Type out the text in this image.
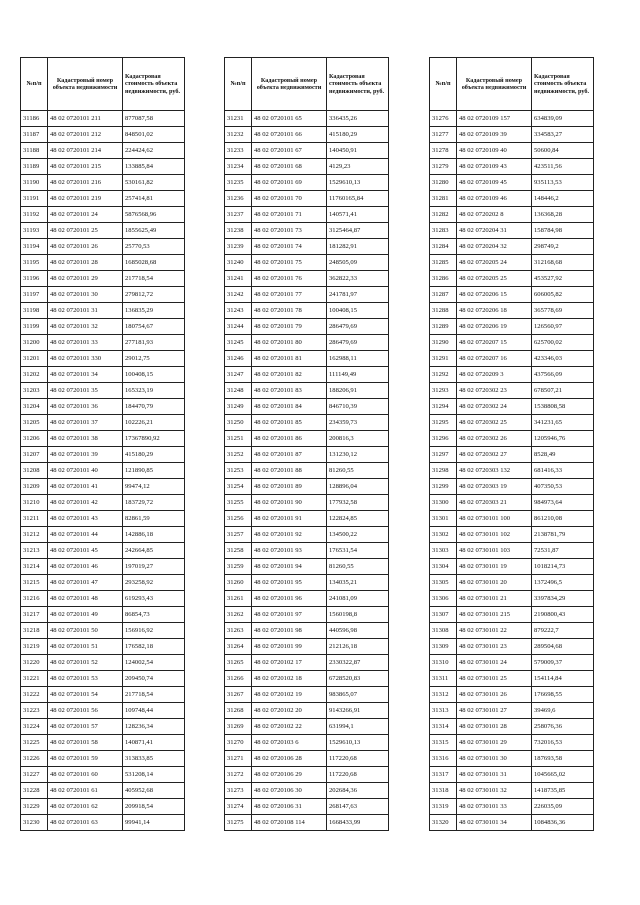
№п/п	Кадастровый номер объекта недвижимости	Кадастровая стоимость объекта недвижимости, руб.
31186	48 02 0720101 211	877087,58
31187	48 02 0720101 212	848501,02
31188	48 02 0720101 214	224424,62
31189	48 02 0720101 215	133885,84
31190	48 02 0720101 216	530161,82
31191	48 02 0720101 219	257414,81
31192	48 02 0720101 24	5876568,96
31193	48 02 0720101 25	1855625,49
31194	48 02 0720101 26	25770,53
31195	48 02 0720101 28	1685028,68
31196	48 02 0720101 29	217718,54
31197	48 02 0720101 30	279812,72
31198	48 02 0720101 31	136835,29
31199	48 02 0720101 32	180754,67
31200	48 02 0720101 33	277181,93
31201	48 02 0720101 330	29012,75
31202	48 02 0720101 34	100408,15
31203	48 02 0720101 35	165323,19
31204	48 02 0720101 36	184470,79
31205	48 02 0720101 37	102226,21
31206	48 02 0720101 38	17367890,92
31207	48 02 0720101 39	415180,29
31208	48 02 0720101 40	121890,85
31209	48 02 0720101 41	99474,12
31210	48 02 0720101 42	183729,72
31211	48 02 0720101 43	82861,59
31212	48 02 0720101 44	142886,18
31213	48 02 0720101 45	242664,85
31214	48 02 0720101 46	197019,27
31215	48 02 0720101 47	293258,92
31216	48 02 0720101 48	619293,43
31217	48 02 0720101 49	86854,73
31218	48 02 0720101 50	156916,92
31219	48 02 0720101 51	176582,18
31220	48 02 0720101 52	124002,54
31221	48 02 0720101 53	209450,74
31222	48 02 0720101 54	217718,54
31223	48 02 0720101 56	109748,44
31224	48 02 0720101 57	128236,34
31225	48 02 0720101 58	140871,41
31226	48 02 0720101 59	313833,85
31227	48 02 0720101 60	531208,14
31228	48 02 0720101 61	405952,68
31229	48 02 0720101 62	209918,54
31230	48 02 0720101 63	99941,14
№п/п	Кадастровый номер объекта недвижимости	Кадастровая стоимость объекта недвижимости, руб.
31231	48 02 0720101 65	336435,26
31232	48 02 0720101 66	415180,29
31233	48 02 0720101 67	140450,91
31234	48 02 0720101 68	4129,23
31235	48 02 0720101 69	1529610,13
31236	48 02 0720101 70	11760165,84
31237	48 02 0720101 71	140571,41
31238	48 02 0720101 73	3125464,87
31239	48 02 0720101 74	181282,91
31240	48 02 0720101 75	248505,09
31241	48 02 0720101 76	362822,33
31242	48 02 0720101 77	241781,97
31243	48 02 0720101 78	100408,15
31244	48 02 0720101 79	286479,69
31245	48 02 0720101 80	286479,69
31246	48 02 0720101 81	162988,11
31247	48 02 0720101 82	111149,49
31248	48 02 0720101 83	188206,91
31249	48 02 0720101 84	846710,39
31250	48 02 0720101 85	234359,73
31251	48 02 0720101 86	200816,3
31252	48 02 0720101 87	131230,12
31253	48 02 0720101 88	81260,55
31254	48 02 0720101 89	128896,04
31255	48 02 0720101 90	177932,58
31256	48 02 0720101 91	122824,85
31257	48 02 0720101 92	134500,22
31258	48 02 0720101 93	176531,54
31259	48 02 0720101 94	81260,55
31260	48 02 0720101 95	134035,21
31261	48 02 0720101 96	241081,09
31262	48 02 0720101 97	1560198,8
31263	48 02 0720101 98	440596,98
31264	48 02 0720101 99	212126,18
31265	48 02 0720102 17	2330322,87
31266	48 02 0720102 18	6728520,83
31267	48 02 0720102 19	983865,07
31268	48 02 0720102 20	9143266,91
31269	48 02 0720102 22	631994,1
31270	48 02 0720103 6	1529610,13
31271	48 02 0720106 28	117220,68
31272	48 02 0720106 29	117220,68
31273	48 02 0720106 30	202684,36
31274	48 02 0720106 31	268147,63
31275	48 02 0720108 114	1668433,99
№п/п	Кадастровый номер объекта недвижимости	Кадастровая стоимость объекта недвижимости, руб.
31276	48 02 0720109 157	634839,09
31277	48 02 0720109 39	334583,27
31278	48 02 0720109 40	50600,84
31279	48 02 0720109 43	423511,56
31280	48 02 0720109 45	935113,53
31281	48 02 0720109 46	148446,2
31282	48 02 0720202 8	136368,28
31283	48 02 0720204 31	158784,98
31284	48 02 0720204 32	298749,2
31285	48 02 0720205 24	312168,68
31286	48 02 0720205 25	453527,92
31287	48 02 0720206 15	606005,82
31288	48 02 0720206 18	365778,69
31289	48 02 0720206 19	126560,97
31290	48 02 0720207 15	625700,02
31291	48 02 0720207 16	423346,03
31292	48 02 0720209 3	437566,09
31293	48 02 0720302 23	678507,21
31294	48 02 0720302 24	1538808,58
31295	48 02 0720302 25	341231,65
31296	48 02 0720302 26	1205946,76
31297	48 02 0720302 27	8528,49
31298	48 02 0720303 132	681416,33
31299	48 02 0720303 19	407350,53
31300	48 02 0720303 21	984973,64
31301	48 02 0730101 100	861210,08
31302	48 02 0730101 102	2138781,79
31303	48 02 0730101 103	72531,87
31304	48 02 0730101 19	1018214,73
31305	48 02 0730101 20	1372496,5
31306	48 02 0730101 21	3397834,29
31307	48 02 0730101 215	2190800,43
31308	48 02 0730101 22	879222,7
31309	48 02 0730101 23	289504,68
31310	48 02 0730101 24	579009,37
31311	48 02 0730101 25	154114,84
31312	48 02 0730101 26	176698,55
31313	48 02 0730101 27	39469,6
31314	48 02 0730101 28	258076,36
31315	48 02 0730101 29	732016,53
31316	48 02 0730101 30	187693,58
31317	48 02 0730101 31	1045665,02
31318	48 02 0730101 32	1418735,85
31319	48 02 0730101 33	226035,09
31320	48 02 0730101 34	1084836,36
